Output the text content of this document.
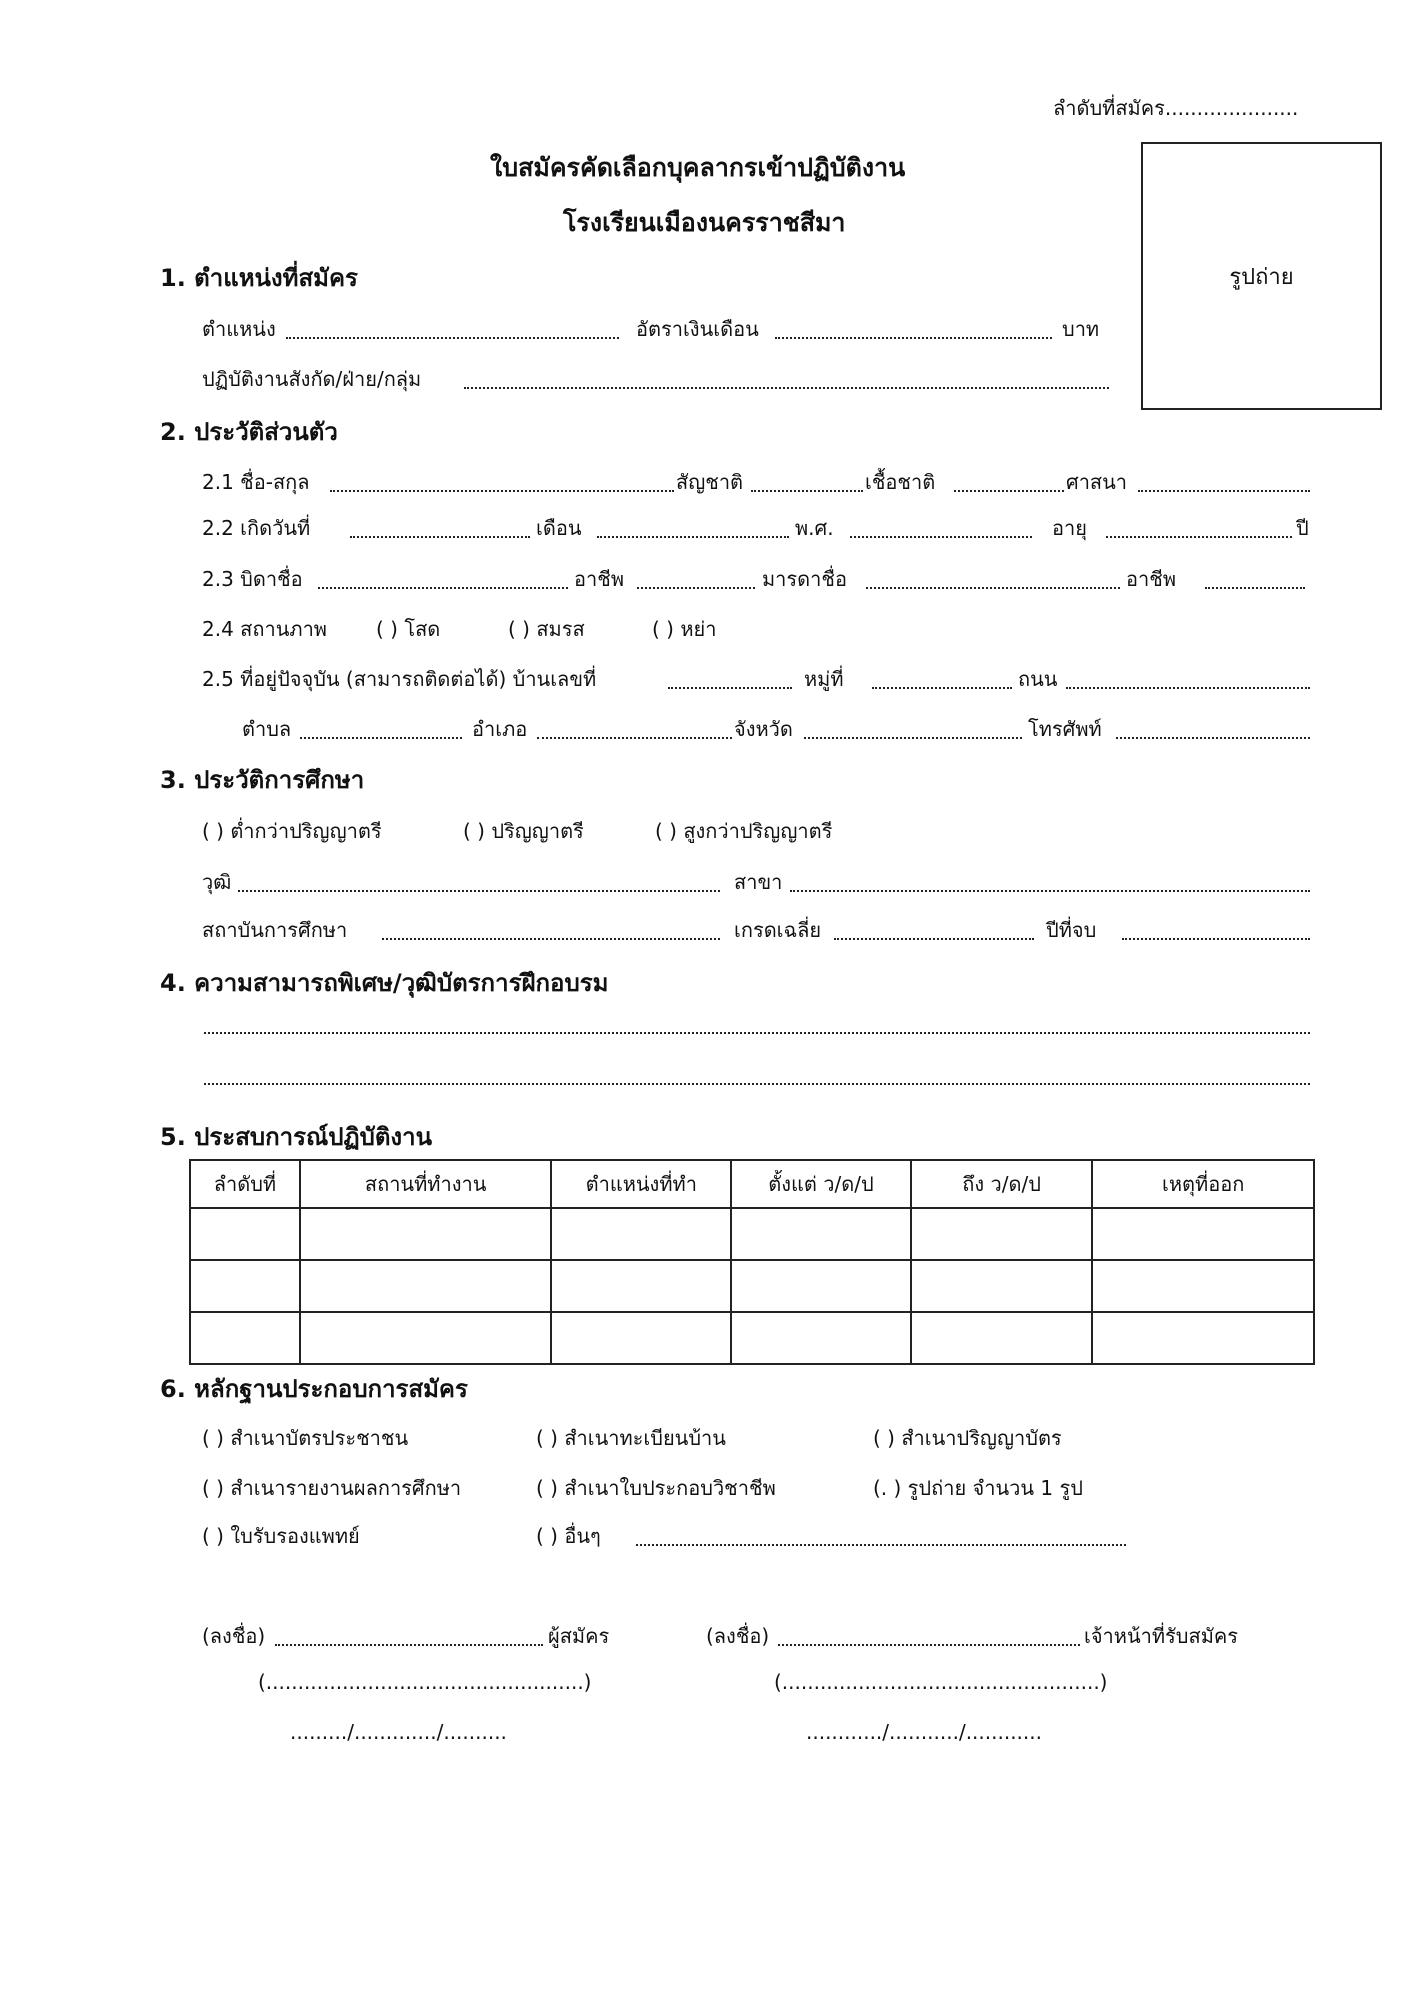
ลำดับที่สมัคร.....................
ใบสมัครคัดเลือกบุคลากรเข้าปฏิบัติงาน
โรงเรียนเมืองนครราชสีมา
รูปถ่าย
1. ตำแหน่งที่สมัคร
ตำแหน่ง	อัตราเงินเดือน	บาท
ปฏิบัติงานสังกัด/ฝ่าย/กลุ่ม
2. ประวัติส่วนตัว
2.1 ชื่อ-สกุล	สัญชาติ	เชื้อชาติ	ศาสนา
2.2 เกิดวันที่	เดือน	พ.ศ.	อายุ	ปี
2.3 บิดาชื่อ	อาชีพ	มารดาชื่อ	อาชีพ
2.4 สถานภาพ ( ) โสด	( ) สมรส	( ) หย่า
2.5 ที่อยู่ปัจจุบัน (สามารถติดต่อได้) บ้านเลขที่	หมู่ที่	ถนน
ตำบล	อำเภอ	จังหวัด	โทรศัพท์
3. ประวัติการศึกษา
( ) ต่ำกว่าปริญญาตรี	( ) ปริญญาตรี	( ) สูงกว่าปริญญาตรี
วุฒิ	สาขา
สถาบันการศึกษา	เกรดเฉลี่ย	ปีที่จบ
4. ความสามารถพิเศษ/วุฒิบัตรการฝึกอบรม
5. ประสบการณ์ปฏิบัติงาน
ลำดับที่	สถานที่ทำงาน	ตำแหน่งที่ทำ	ตั้งแต่ ว/ด/ป	ถึง ว/ด/ป	เหตุที่ออก

6. หลักฐานประกอบการสมัคร
( ) สำเนาบัตรประชาชน	( ) สำเนาทะเบียนบ้าน	( ) สำเนาปริญญาบัตร
( ) สำเนารายงานผลการศึกษา	( ) สำเนาใบประกอบวิชาชีพ	(. ) รูปถ่าย จำนวน 1 รูป
( ) ใบรับรองแพทย์	( ) อื่นๆ
(ลงชื่อ)	ผู้สมัคร	(ลงชื่อ)	เจ้าหน้าที่รับสมัคร
(..................................................)	(..................................................)
........./............./..........	............/.........../............
